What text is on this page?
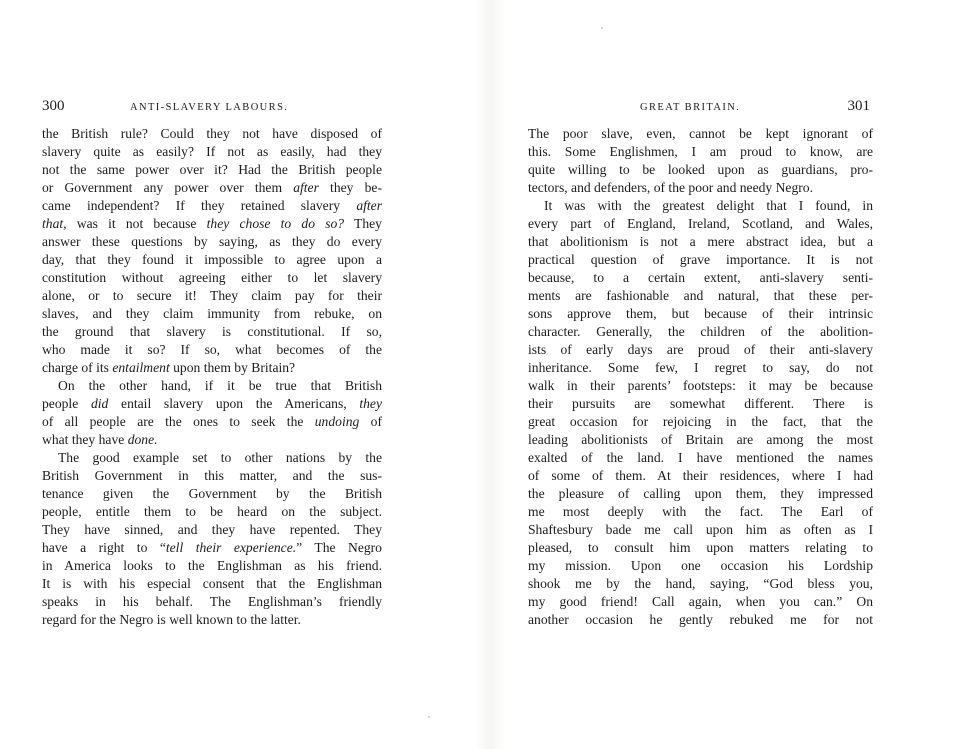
300	ANTI-SLAVERY LABOURS.
the British rule? Could they not have disposed of
slavery quite as easily? If not as easily, had they
not the same power over it? Had the British people
or Government any power over them after they be-
came independent? If they retained slavery after
that, was it not because they chose to do so? They
answer these questions by saying, as they do every
day, that they found it impossible to agree upon a
constitution without agreeing either to let slavery
alone, or to secure it! They claim pay for their
slaves, and they claim immunity from rebuke, on
the ground that slavery is constitutional. If so,
who made it so? If so, what becomes of the
charge of its entailment upon them by Britain?
On the other hand, if it be true that British
people did entail slavery upon the Americans, they
of all people are the ones to seek the undoing of
what they have done.
The good example set to other nations by the
British Government in this matter, and the sus-
tenance given the Government by the British
people, entitle them to be heard on the subject.
They have sinned, and they have repented. They
have a right to “tell their experience.” The Negro
in America looks to the Englishman as his friend.
It is with his especial consent that the Englishman
speaks in his behalf. The Englishman’s friendly
regard for the Negro is well known to the latter.
GREAT BRITAIN.	301
The poor slave, even, cannot be kept ignorant of
this. Some Englishmen, I am proud to know, are
quite willing to be looked upon as guardians, pro-
tectors, and defenders, of the poor and needy Negro.
It was with the greatest delight that I found, in
every part of England, Ireland, Scotland, and Wales,
that abolitionism is not a mere abstract idea, but a
practical question of grave importance. It is not
because, to a certain extent, anti-slavery senti-
ments are fashionable and natural, that these per-
sons approve them, but because of their intrinsic
character. Generally, the children of the abolition-
ists of early days are proud of their anti-slavery
inheritance. Some few, I regret to say, do not
walk in their parents’ footsteps: it may be because
their pursuits are somewhat different. There is
great occasion for rejoicing in the fact, that the
leading abolitionists of Britain are among the most
exalted of the land. I have mentioned the names
of some of them. At their residences, where I had
the pleasure of calling upon them, they impressed
me most deeply with the fact. The Earl of
Shaftesbury bade me call upon him as often as I
pleased, to consult him upon matters relating to
my mission. Upon one occasion his Lordship
shook me by the hand, saying, “God bless you,
my good friend! Call again, when you can.” On
another occasion he gently rebuked me for not
